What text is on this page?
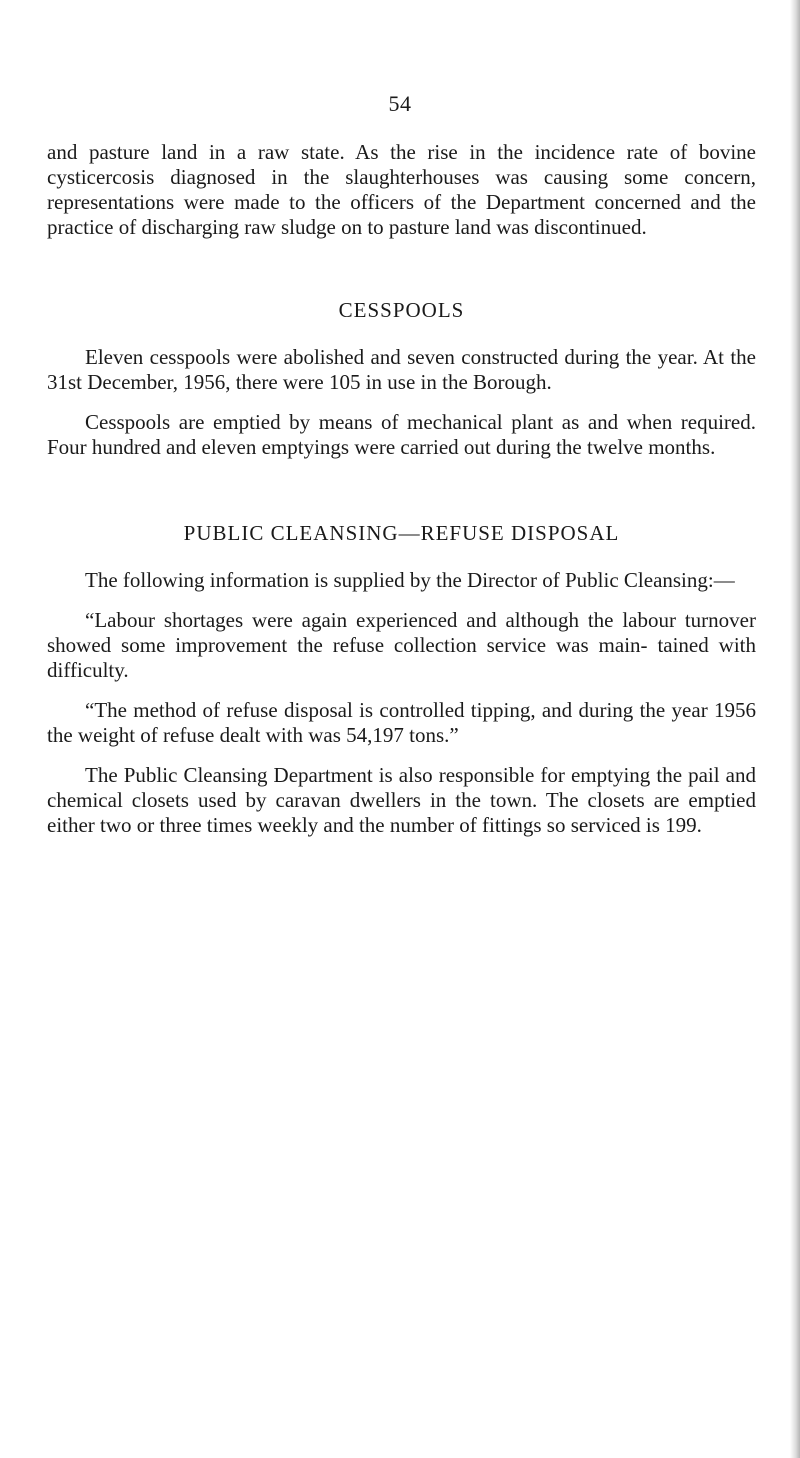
54

and pasture land in a raw state. As the rise in the incidence rate of bovine cysticercosis diagnosed in the slaughterhouses was causing some concern, representations were made to the officers of the Department concerned and the practice of discharging raw sludge on to pasture land was discontinued.

CESSPOOLS

Eleven cesspools were abolished and seven constructed during the year. At the 31st December, 1956, there were 105 in use in the Borough.

Cesspools are emptied by means of mechanical plant as and when required. Four hundred and eleven emptyings were carried out during the twelve months.

PUBLIC CLEANSING—REFUSE DISPOSAL

The following information is supplied by the Director of Public Cleansing:—

“Labour shortages were again experienced and although the labour turnover showed some improvement the refuse collection service was main- tained with difficulty.

“The method of refuse disposal is controlled tipping, and during the year 1956 the weight of refuse dealt with was 54,197 tons.”

The Public Cleansing Department is also responsible for emptying the pail and chemical closets used by caravan dwellers in the town. The closets are emptied either two or three times weekly and the number of fittings so serviced is 199.
